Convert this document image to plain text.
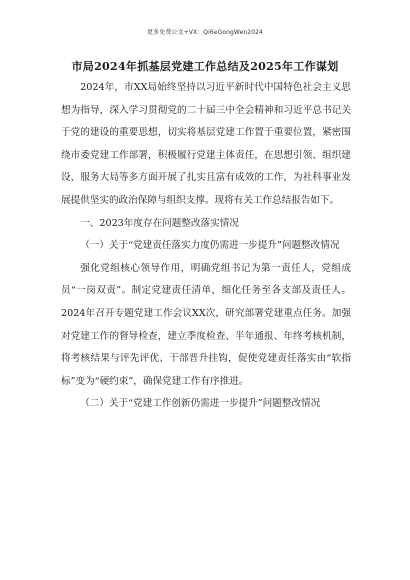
更多免费公文+VX：Qi6eGongWen2024
市局2024年抓基层党建工作总结及2025年工作谋划

2024年，市XX局始终坚持以习近平新时代中国特色社会主义思想为指导，深入学习贯彻党的二十届三中全会精神和习近平总书记关于党的建设的重要思想，切实将基层党建工作置于重要位置，紧密围绕市委党建工作部署，积极履行党建主体责任，在思想引领、组织建设、服务大局等多方面开展了扎实且富有成效的工作，为社科事业发展提供坚实的政治保障与组织支撑。现将有关工作总结报告如下。

一、2023年度存在问题整改落实情况

（一）关于“党建责任落实力度仍需进一步提升”问题整改情况

强化党组核心领导作用，明确党组书记为第一责任人，党组成员“一岗双责”。制定党建责任清单，细化任务至各支部及责任人。2024年召开专题党建工作会议XX次，研究部署党建重点任务。加强对党建工作的督导检查，建立季度检查、半年通报、年终考核机制，将考核结果与评先评优、干部晋升挂钩，促使党建责任落实由“软指标”变为“硬约束”，确保党建工作有序推进。

（二）关于“党建工作创新仍需进一步提升”问题整改情况
